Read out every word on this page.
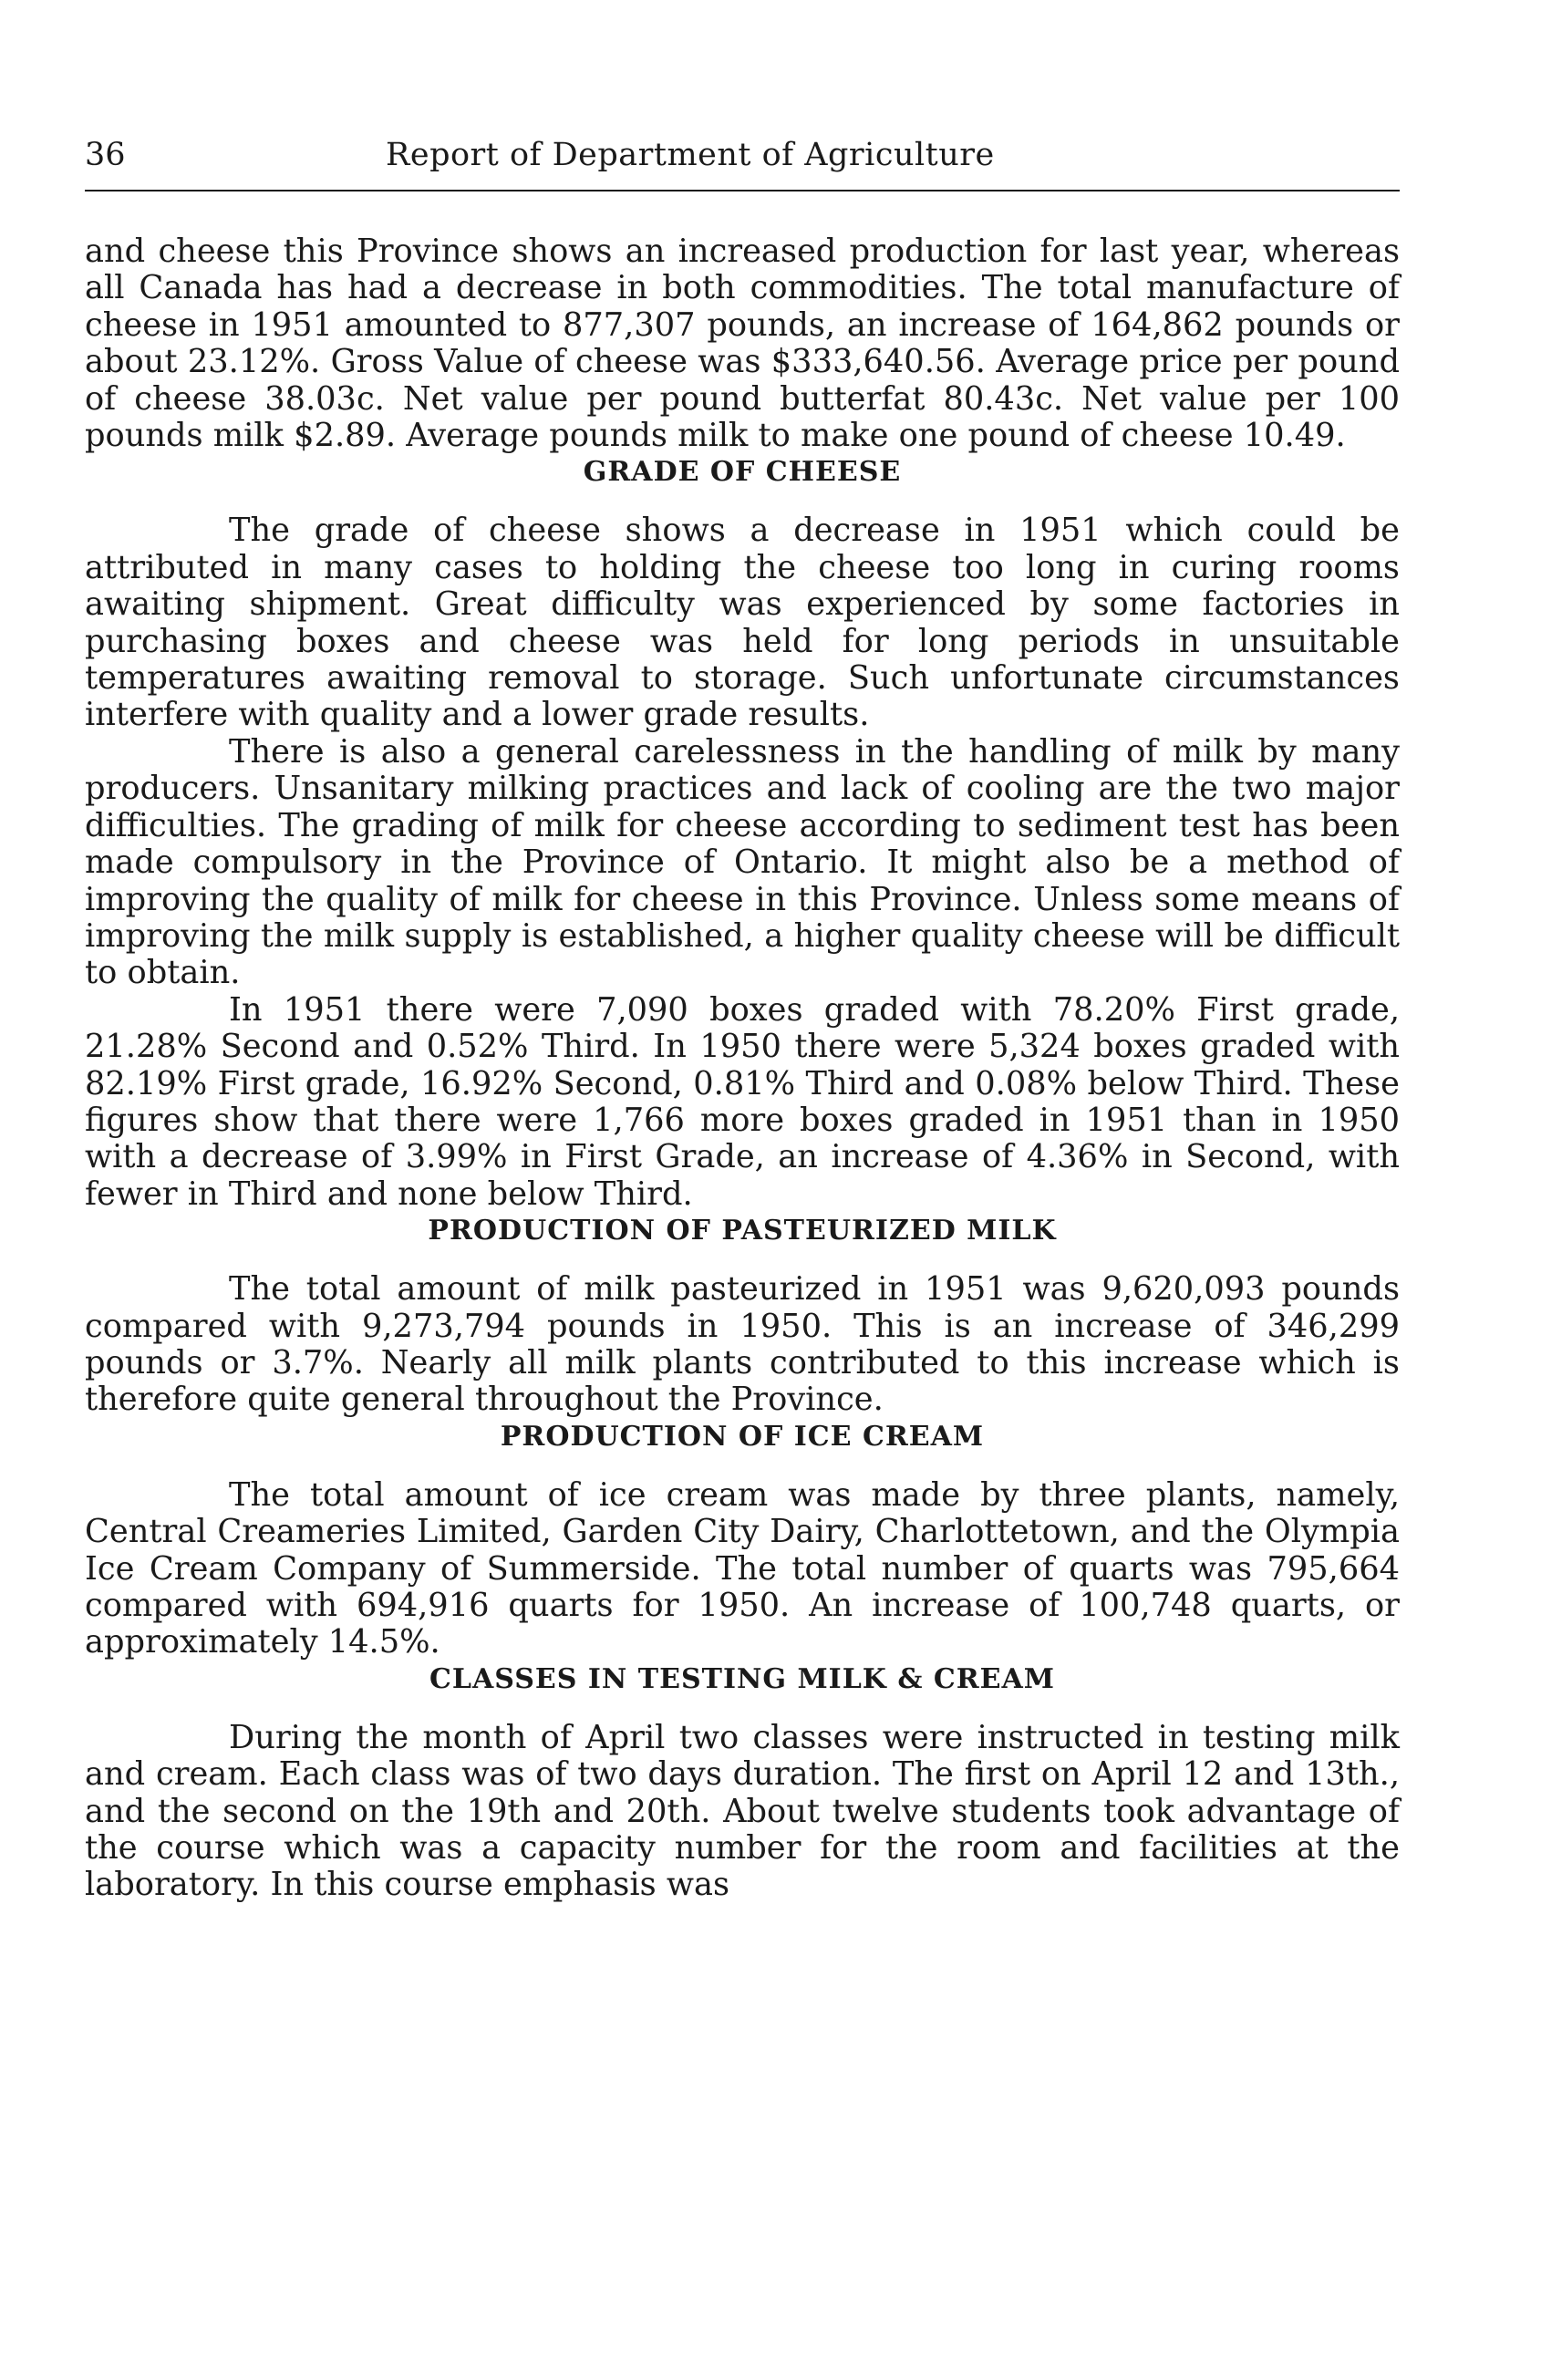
36	Report of Department of Agriculture

and cheese this Province shows an increased production for last year, whereas all Canada has had a decrease in both commodities. The total manufacture of cheese in 1951 amounted to 877,307 pounds, an increase of 164,862 pounds or about 23.12%. Gross Value of cheese was $333,640.56. Average price per pound of cheese 38.03c. Net value per pound butterfat 80.43c. Net value per 100 pounds milk $2.89. Average pounds milk to make one pound of cheese 10.49.

GRADE OF CHEESE

The grade of cheese shows a decrease in 1951 which could be attributed in many cases to holding the cheese too long in curing rooms awaiting shipment. Great difficulty was experienced by some factories in purchasing boxes and cheese was held for long periods in unsuitable temperatures awaiting removal to storage. Such unfortunate circumstances interfere with quality and a lower grade results.

There is also a general carelessness in the handling of milk by many producers. Unsanitary milking practices and lack of cooling are the two major difficulties. The grading of milk for cheese according to sediment test has been made compulsory in the Province of Ontario. It might also be a method of improving the quality of milk for cheese in this Province. Unless some means of improving the milk supply is established, a higher quality cheese will be difficult to obtain.

In 1951 there were 7,090 boxes graded with 78.20% First grade, 21.28% Second and 0.52% Third. In 1950 there were 5,324 boxes graded with 82.19% First grade, 16.92% Second, 0.81% Third and 0.08% below Third. These figures show that there were 1,766 more boxes graded in 1951 than in 1950 with a decrease of 3.99% in First Grade, an increase of 4.36% in Second, with fewer in Third and none below Third.

PRODUCTION OF PASTEURIZED MILK

The total amount of milk pasteurized in 1951 was 9,620,093 pounds compared with 9,273,794 pounds in 1950. This is an increase of 346,299 pounds or 3.7%. Nearly all milk plants contributed to this increase which is therefore quite general throughout the Province.

PRODUCTION OF ICE CREAM

The total amount of ice cream was made by three plants, namely, Central Creameries Limited, Garden City Dairy, Charlottetown, and the Olympia Ice Cream Company of Summerside. The total number of quarts was 795,664 compared with 694,916 quarts for 1950. An increase of 100,748 quarts, or approximately 14.5%.

CLASSES IN TESTING MILK & CREAM

During the month of April two classes were instructed in testing milk and cream. Each class was of two days duration. The first on April 12 and 13th., and the second on the 19th and 20th. About twelve students took advantage of the course which was a capacity number for the room and facilities at the laboratory. In this course emphasis was
